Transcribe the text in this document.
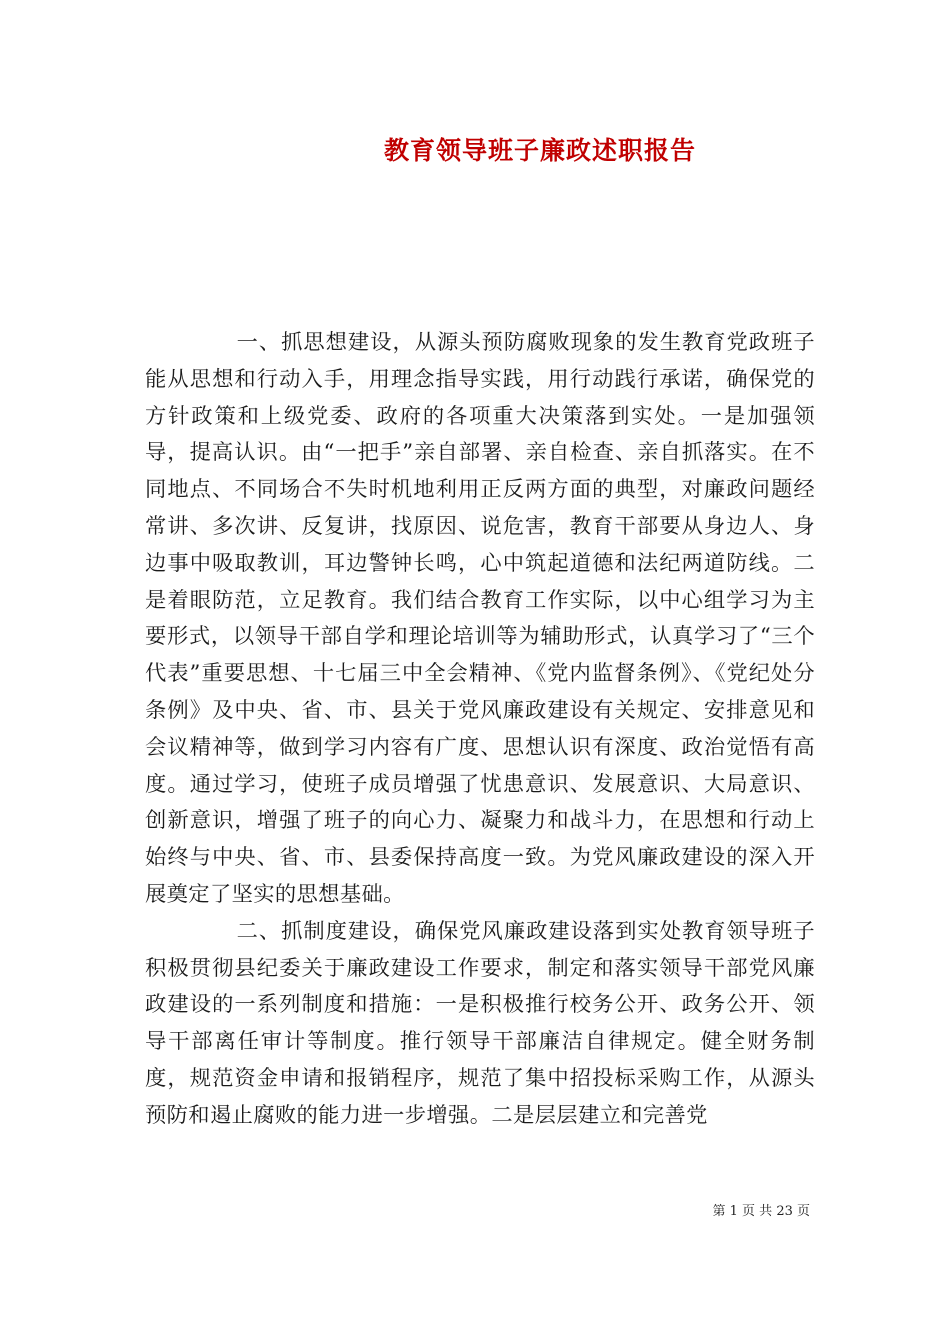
教育领导班子廉政述职报告

一、抓思想建设，从源头预防腐败现象的发生教育党政班子能从思想和行动入手，用理念指导实践，用行动践行承诺，确保党的方针政策和上级党委、政府的各项重大决策落到实处。一是加强领导，提高认识。由“一把手”亲自部署、亲自检查、亲自抓落实。在不同地点、不同场合不失时机地利用正反两方面的典型，对廉政问题经常讲、多次讲、反复讲，找原因、说危害，教育干部要从身边人、身边事中吸取教训，耳边警钟长鸣，心中筑起道德和法纪两道防线。二是着眼防范，立足教育。我们结合教育工作实际，以中心组学习为主要形式，以领导干部自学和理论培训等为辅助形式，认真学习了“三个代表”重要思想、十七届三中全会精神、《党内监督条例》、《党纪处分条例》及中央、省、市、县关于党风廉政建设有关规定、安排意见和会议精神等，做到学习内容有广度、思想认识有深度、政治觉悟有高度。通过学习，使班子成员增强了忧患意识、发展意识、大局意识、创新意识，增强了班子的向心力、凝聚力和战斗力，在思想和行动上始终与中央、省、市、县委保持高度一致。为党风廉政建设的深入开展奠定了坚实的思想基础。

二、抓制度建设，确保党风廉政建设落到实处教育领导班子积极贯彻县纪委关于廉政建设工作要求，制定和落实领导干部党风廉政建设的一系列制度和措施：一是积极推行校务公开、政务公开、领导干部离任审计等制度。推行领导干部廉洁自律规定。健全财务制度，规范资金申请和报销程序，规范了集中招投标采购工作，从源头预防和遏止腐败的能力进一步增强。二是层层建立和完善党

第 1 页 共 23 页
